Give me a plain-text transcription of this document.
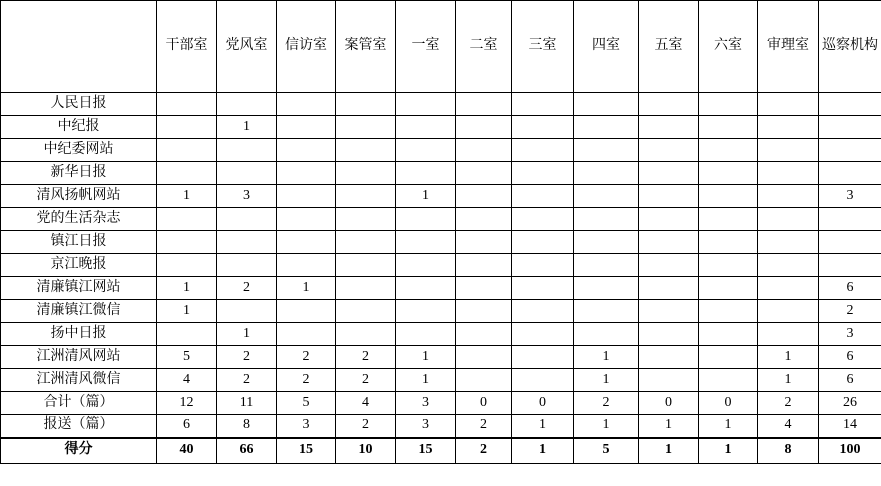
	干部室	党风室	信访室	案管室	一室	二室	三室	四室	五室	六室	审理室	巡察机构
人民日报												
中纪报		1										
中纪委网站												
新华日报												
清风扬帆网站	1	3			1							3
党的生活杂志												
镇江日报												
京江晚报												
清廉镇江网站	1	2	1									6
清廉镇江微信	1											2
扬中日报		1										3
江洲清风网站	5	2	2	2	1			1			1	6
江洲清风微信	4	2	2	2	1			1			1	6
合计（篇）	12	11	5	4	3	0	0	2	0	0	2	26
报送（篇）	6	8	3	2	3	2	1	1	1	1	4	14
得分	40	66	15	10	15	2	1	5	1	1	8	100
